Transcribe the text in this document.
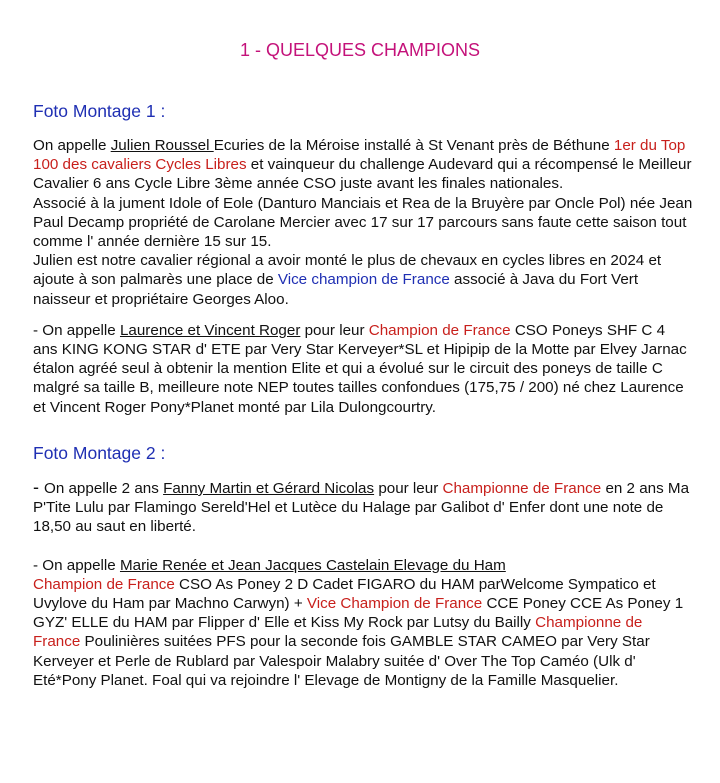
1 - QUELQUES CHAMPIONS
Foto Montage 1 :

On appelle Julien Roussel Ecuries de la Méroise installé à St Venant près de Béthune 1er du Top 100 des cavaliers Cycles Libres et vainqueur du challenge Audevard qui a récompensé le Meilleur Cavalier 6 ans Cycle Libre 3ème année CSO juste avant les finales nationales.

Associé à la jument Idole of Eole (Danturo Manciais et Rea de la Bruyère par Oncle Pol) née Jean Paul Decamp propriété de Carolane Mercier avec 17 sur 17 parcours sans faute cette saison tout comme l' année dernière 15 sur 15.

Julien est notre cavalier régional a avoir monté le plus de chevaux en cycles libres en 2024 et ajoute à son palmarès une place de Vice champion de France associé à Java du Fort Vert naisseur et propriétaire Georges Aloo.

- On appelle Laurence et Vincent Roger pour leur Champion de France CSO Poneys SHF C 4 ans KING KONG STAR d' ETE par Very Star Kerveyer*SL et Hipipip de la Motte par Elvey Jarnac étalon agréé seul à obtenir la mention Elite et qui a évolué sur le circuit des poneys de taille C malgré sa taille B, meilleure note NEP toutes tailles confondues (175,75 / 200) né chez Laurence et Vincent Roger Pony*Planet monté par Lila Dulongcourtry.

Foto Montage 2 :

- On appelle 2 ans Fanny Martin et Gérard Nicolas pour leur Championne de France en 2 ans Ma P'Tite Lulu par Flamingo Sereld'Hel et Lutèce du Halage par Galibot d' Enfer dont une note de 18,50 au saut en liberté.

- On appelle Marie Renée et Jean Jacques Castelain Elevage du Ham
Champion de France CSO As Poney 2 D Cadet FIGARO du HAM parWelcome Sympatico et Uvylove du Ham par Machno Carwyn) + Vice Champion de France CCE Poney CCE As Poney 1 GYZ' ELLE du HAM par Flipper d' Elle et Kiss My Rock par Lutsy du Bailly Championne de France Poulinières suitées PFS pour la seconde fois GAMBLE STAR CAMEO par Very Star Kerveyer et Perle de Rublard par Valespoir Malabry suitée d' Over The Top Caméo (Ulk d' Eté*Pony Planet. Foal qui va rejoindre l' Elevage de Montigny de la Famille Masquelier.
